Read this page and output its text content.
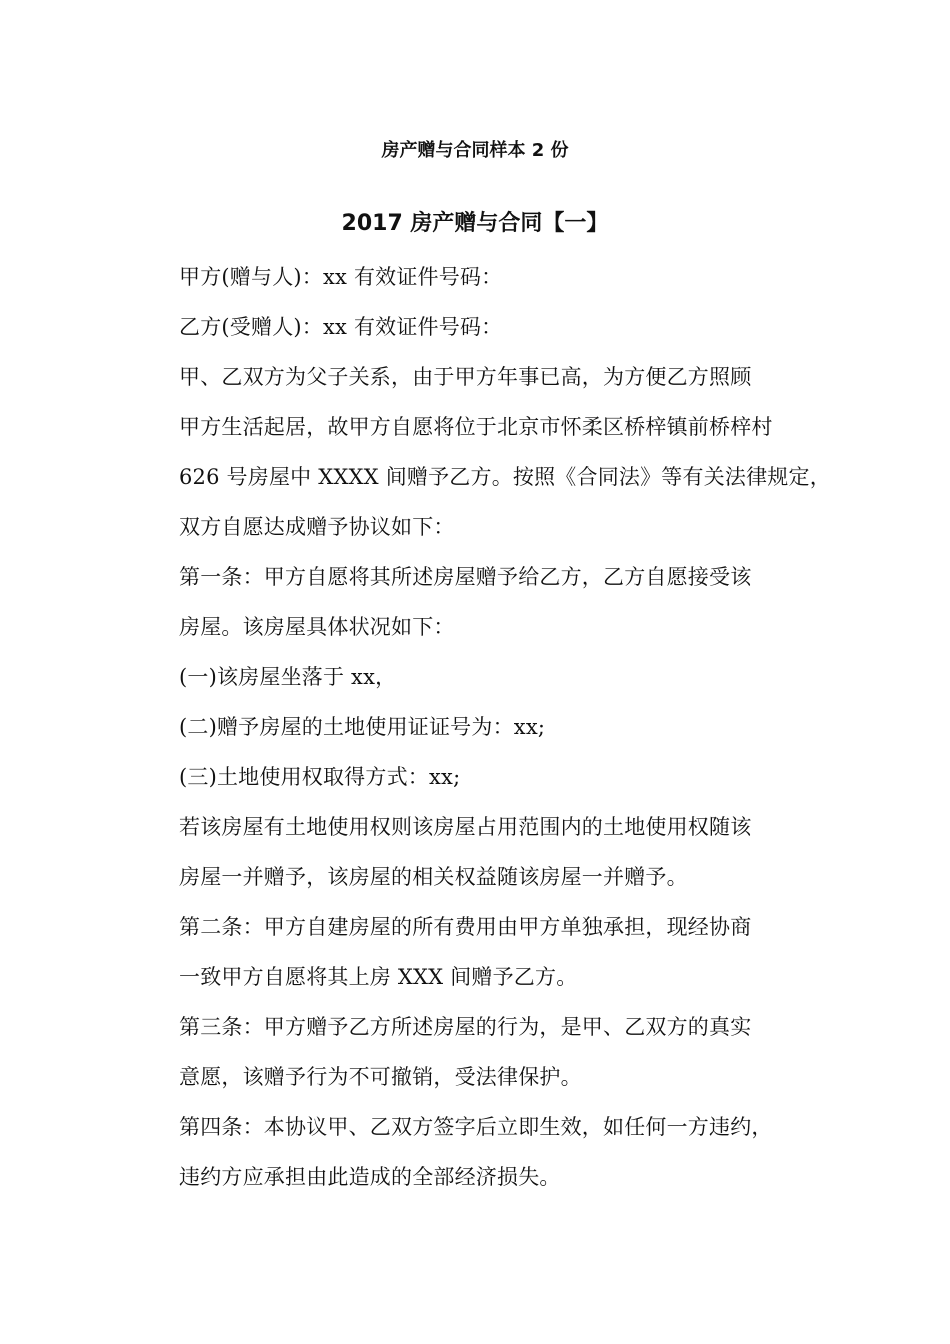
房产赠与合同样本 2 份
2017 房产赠与合同【一】

甲方(赠与人)：xx 有效证件号码：

乙方(受赠人)：xx 有效证件号码：

甲、乙双方为父子关系，由于甲方年事已高，为方便乙方照顾
甲方生活起居，故甲方自愿将位于北京市怀柔区桥梓镇前桥梓村
626 号房屋中 XXXX 间赠予乙方。按照《合同法》等有关法律规定，
双方自愿达成赠予协议如下：

第一条：甲方自愿将其所述房屋赠予给乙方，乙方自愿接受该
房屋。该房屋具体状况如下：

(一)该房屋坐落于 xx，

(二)赠予房屋的土地使用证证号为：xx;

(三)土地使用权取得方式：xx;

若该房屋有土地使用权则该房屋占用范围内的土地使用权随该
房屋一并赠予，该房屋的相关权益随该房屋一并赠予。

第二条：甲方自建房屋的所有费用由甲方单独承担，现经协商
一致甲方自愿将其上房 XXX 间赠予乙方。

第三条：甲方赠予乙方所述房屋的行为，是甲、乙双方的真实
意愿，该赠予行为不可撤销，受法律保护。

第四条：本协议甲、乙双方签字后立即生效，如任何一方违约，
违约方应承担由此造成的全部经济损失。
